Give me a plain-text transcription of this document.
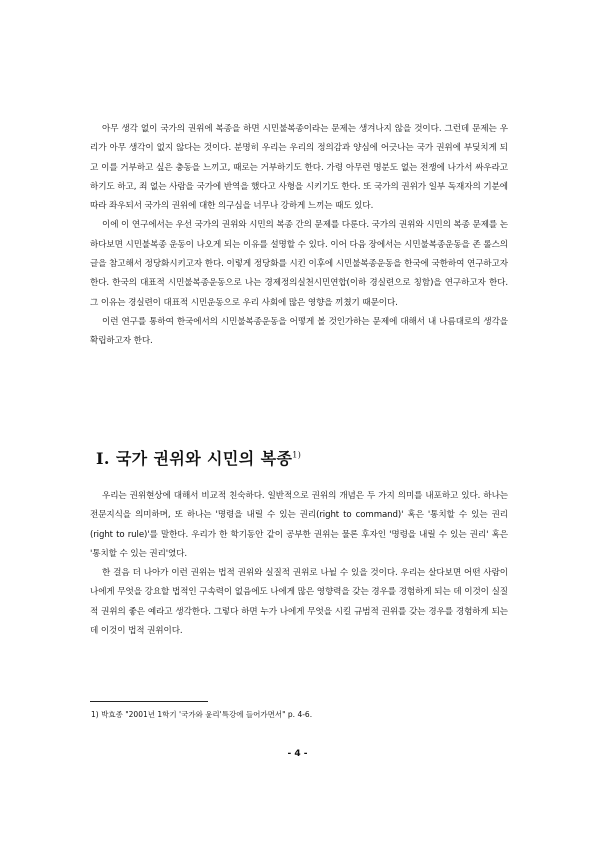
아무 생각 없이 국가의 권위에 복종을 하면 시민불복종이라는 문제는 생겨나지 않을 것이다. 그런데 문제는 우리가 아무 생각이 없지 않다는 것이다. 분명히 우리는 우리의 정의감과 양심에 어긋나는 국가 권위에 부딪치게 되고 이를 거부하고 싶은 충동을 느끼고, 때로는 거부하기도 한다. 가령 아무런 명분도 없는 전쟁에 나가서 싸우라고 하기도 하고, 죄 없는 사람을 국가에 반역을 했다고 사형을 시키기도 한다. 또 국가의 권위가 일부 독재자의 기분에 따라 좌우되서 국가의 권위에 대한 의구심을 너무나 강하게 느끼는 때도 있다.

이에 이 연구에서는 우선 국가의 권위와 시민의 복종 간의 문제를 다룬다. 국가의 권위와 시민의 복종 문제를 논하다보면 시민불복종 운동이 나오게 되는 이유를 설명할 수 있다. 이어 다음 장에서는 시민불복종운동을 존 롤스의 글을 참고해서 정당화시키고자 한다. 이렇게 정당화를 시킨 이후에 시민불복종운동을 한국에 국한하여 연구하고자 한다. 한국의 대표적 시민불복종운동으로 나는 경제정의실천시민연합(이하 경실련으로 칭함)을 연구하고자 한다. 그 이유는 경실련이 대표적 시민운동으로 우리 사회에 많은 영향을 끼쳤기 때문이다.

이런 연구를 통하여 한국에서의 시민불복종운동을 어떻게 볼 것인가하는 문제에 대해서 내 나름대로의 생각을 확립하고자 한다.

Ⅰ. 국가 권위와 시민의 복종$^{1)}$

우리는 권위현상에 대해서 비교적 친숙하다. 일반적으로 권위의 개념은 두 가지 의미를 내포하고 있다. 하나는 전문지식을 의미하며, 또 하나는 '명령을 내릴 수 있는 권리(right to command)' 혹은 '통치할 수 있는 권리(right to rule)'를 말한다. 우리가 한 학기동안 같이 공부한 권위는 물론 후자인 '명령을 내릴 수 있는 권리' 혹은 '통치할 수 있는 권리'였다.

한 걸음 더 나아가 이런 권위는 법적 권위와 실질적 권위로 나뉠 수 있을 것이다. 우리는 살다보면 어떤 사람이 나에게 무엇을 강요할 법적인 구속력이 없음에도 나에게 많은 영향력을 갖는 경우를 경험하게 되는 데 이것이 실질적 권위의 좋은 예라고 생각한다. 그렇다 하면 누가 나에게 무엇을 시킬 규범적 권위를 갖는 경우를 경험하게 되는 데 이것이 법적 권위이다.

1) 박효종 "2001년 1학기 '국가와 윤리'특강에 들어가면서" p. 4-6.
- 4 -
